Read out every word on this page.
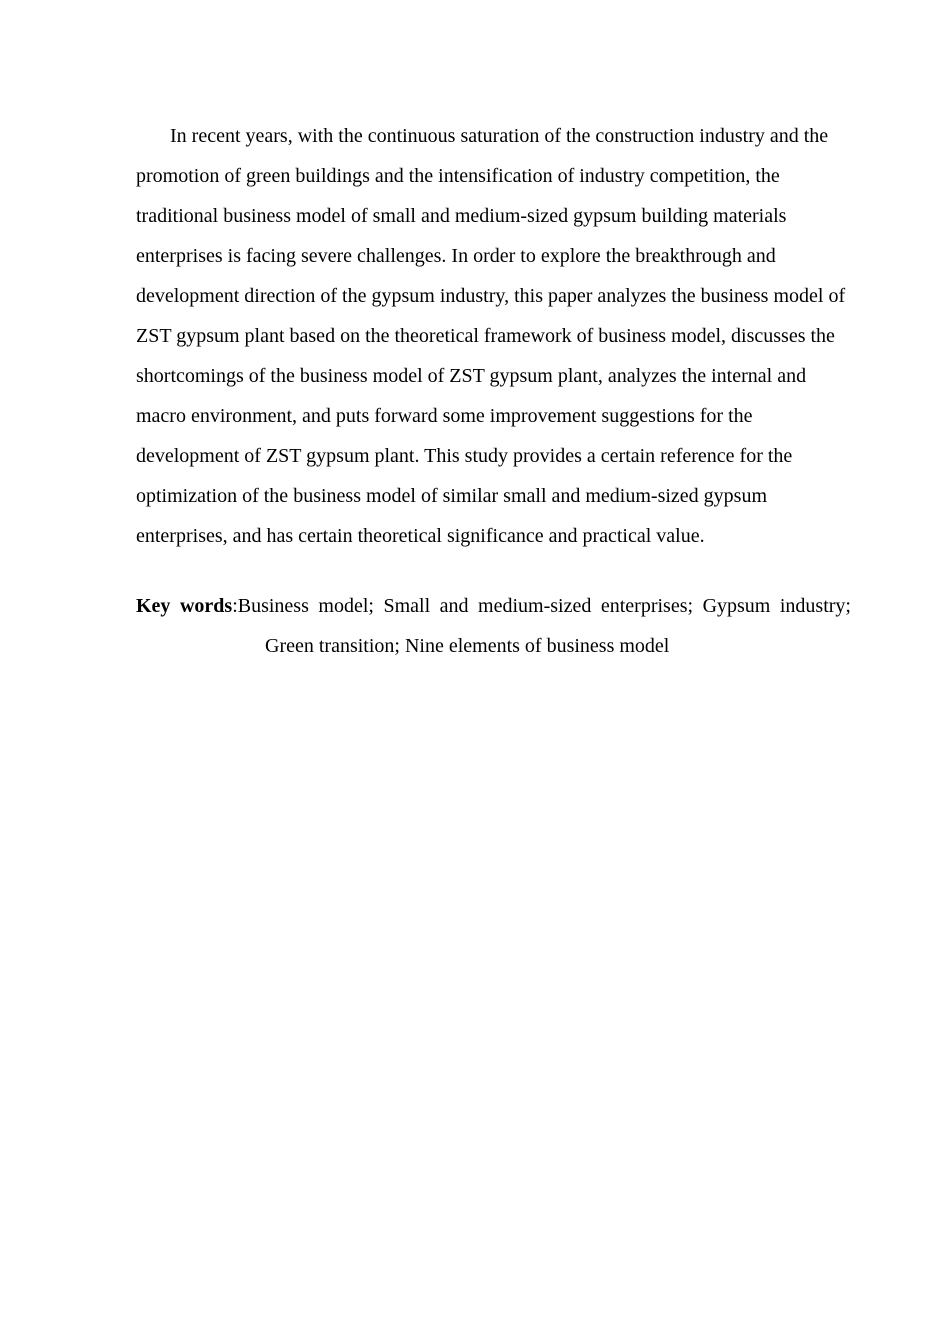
In recent years, with the continuous saturation of the construction industry and the promotion of green buildings and the intensification of industry competition, the traditional business model of small and medium-sized gypsum building materials enterprises is facing severe challenges. In order to explore the breakthrough and development direction of the gypsum industry, this paper analyzes the business model of ZST gypsum plant based on the theoretical framework of business model, discusses the shortcomings of the business model of ZST gypsum plant, analyzes the internal and macro environment, and puts forward some improvement suggestions for the development of ZST gypsum plant. This study provides a certain reference for the optimization of the business model of similar small and medium-sized gypsum enterprises, and has certain theoretical significance and practical value.

Key words:Business model; Small and medium-sized enterprises; Gypsum industry; Green transition; Nine elements of business model
